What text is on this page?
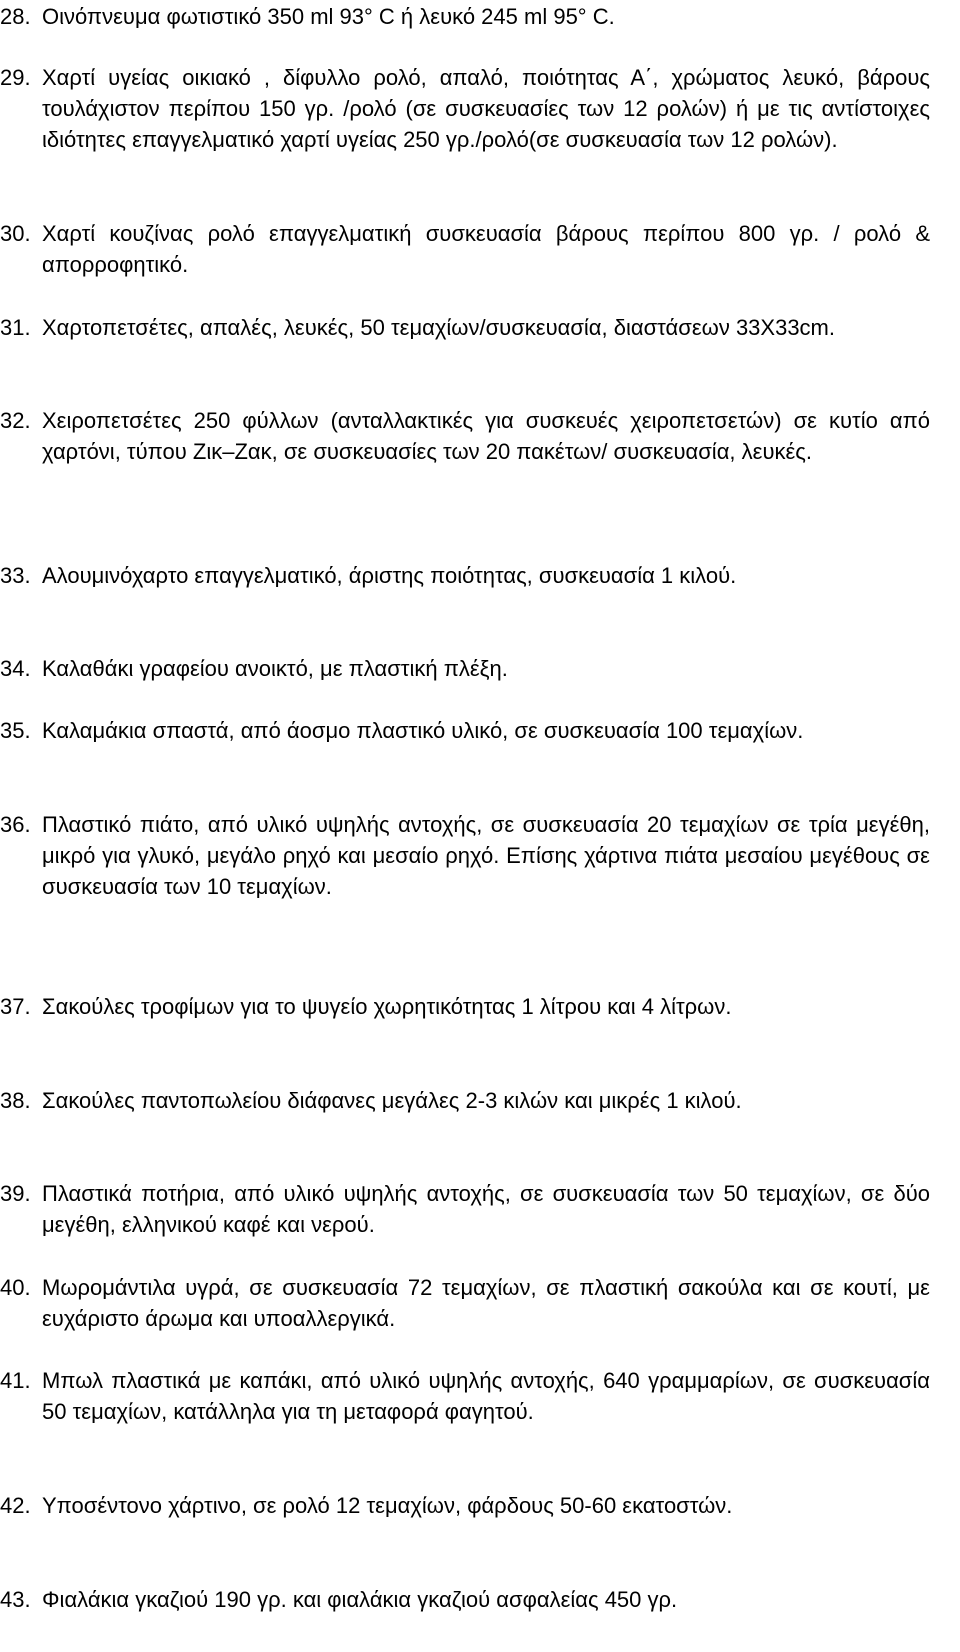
28. Οινόπνευμα φωτιστικό 350 ml 93° C ή λευκό 245 ml 95° C.
29. Χαρτί υγείας οικιακό , δίφυλλο ρολό, απαλό, ποιότητας Α΄, χρώματος λευκό, βάρους τουλάχιστον περίπου 150 γρ. /ρολό (σε συσκευασίες των 12 ρολών) ή με τις αντίστοιχες ιδιότητες επαγγελματικό χαρτί υγείας 250 γρ./ρολό(σε συσκευασία των 12 ρολών).
30. Χαρτί κουζίνας ρολό επαγγελματική συσκευασία βάρους περίπου 800 γρ. / ρολό & απορροφητικό.
31. Χαρτοπετσέτες, απαλές, λευκές, 50 τεμαχίων/συσκευασία, διαστάσεων 33Χ33cm.
32. Χειροπετσέτες 250 φύλλων (ανταλλακτικές για συσκευές χειροπετσετών) σε κυτίο από χαρτόνι, τύπου Ζικ–Ζακ, σε συσκευασίες των 20 πακέτων/ συσκευασία, λευκές.
33. Αλουμινόχαρτο επαγγελματικό, άριστης ποιότητας, συσκευασία 1 κιλού.
34. Καλαθάκι γραφείου ανοικτό, με πλαστική πλέξη.
35. Καλαμάκια σπαστά, από άοσμο πλαστικό υλικό, σε συσκευασία 100 τεμαχίων.
36. Πλαστικό πιάτο, από υλικό υψηλής αντοχής, σε συσκευασία 20 τεμαχίων σε τρία μεγέθη, μικρό για γλυκό, μεγάλο ρηχό και μεσαίο ρηχό. Επίσης χάρτινα πιάτα μεσαίου μεγέθους σε συσκευασία των 10 τεμαχίων.
37. Σακούλες τροφίμων για το ψυγείο χωρητικότητας 1 λίτρου και 4 λίτρων.
38. Σακούλες παντοπωλείου διάφανες μεγάλες 2-3 κιλών και μικρές 1 κιλού.
39. Πλαστικά ποτήρια, από υλικό υψηλής αντοχής, σε συσκευασία των 50 τεμαχίων, σε δύο μεγέθη, ελληνικού καφέ και νερού.
40. Μωρομάντιλα υγρά, σε συσκευασία 72 τεμαχίων, σε πλαστική σακούλα και σε κουτί, με ευχάριστο άρωμα και υποαλλεργικά.
41. Μπωλ πλαστικά με καπάκι, από υλικό υψηλής αντοχής, 640 γραμμαρίων, σε συσκευασία 50 τεμαχίων, κατάλληλα για τη μεταφορά φαγητού.
42. Υποσέντονο χάρτινο, σε ρολό 12 τεμαχίων, φάρδους 50-60 εκατοστών.
43. Φιαλάκια γκαζιού 190 γρ. και φιαλάκια γκαζιού ασφαλείας 450 γρ.
